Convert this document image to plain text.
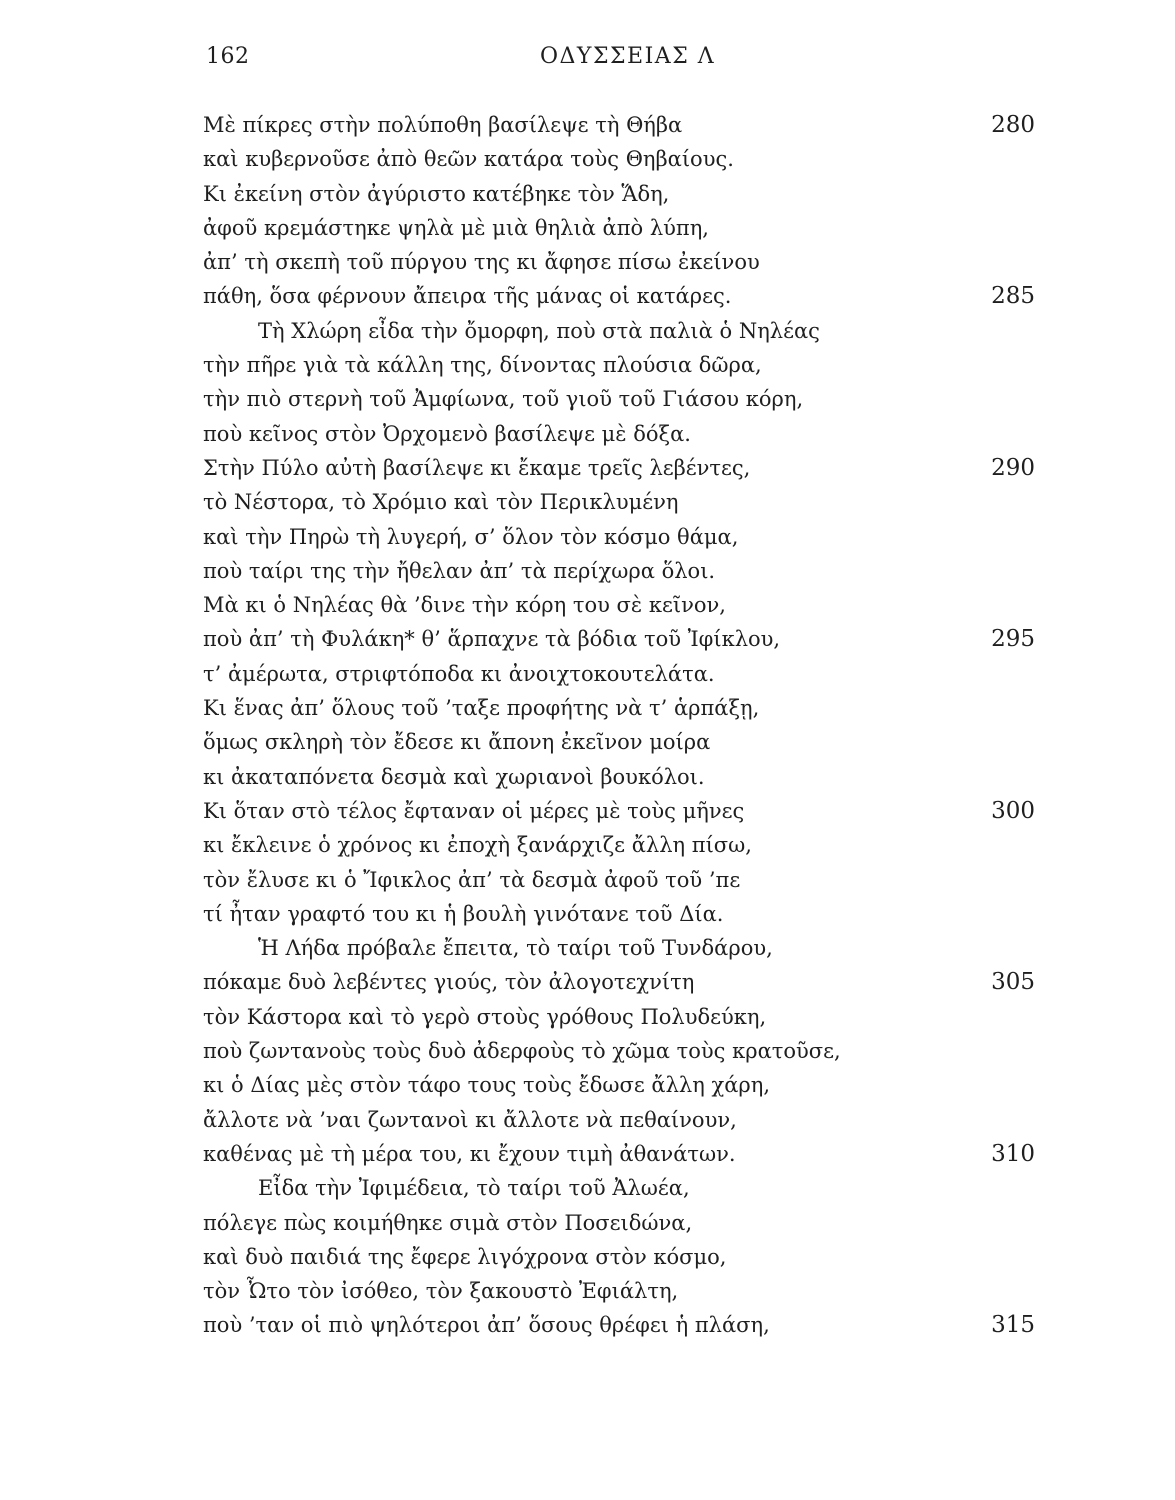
162	ΟΔΥΣΣΕΙΑΣ Λ
Μὲ πίκρες στὴν πολύποθη βασίλεψε τὴ Θήβα	280
καὶ κυβερνοῦσε ἀπὸ θεῶν κατάρα τοὺς Θηβαίους.
Κι ἐκείνη στὸν ἀγύριστο κατέβηκε τὸν Ἅδη,
ἀφοῦ κρεμάστηκε ψηλὰ μὲ μιὰ θηλιὰ ἀπὸ λύπη,
ἀπ’ τὴ σκεπὴ τοῦ πύργου της κι ἄφησε πίσω ἐκείνου
πάθη, ὅσα φέρνουν ἄπειρα τῆς μάνας οἱ κατάρες.	285
Τὴ Χλώρη εἶδα τὴν ὄμορφη, ποὺ στὰ παλιὰ ὁ Νηλέας
τὴν πῆρε γιὰ τὰ κάλλη της, δίνοντας πλούσια δῶρα,
τὴν πιὸ στερνὴ τοῦ Ἀμφίωνα, τοῦ γιοῦ τοῦ Γιάσου κόρη,
ποὺ κεῖνος στὸν Ὀρχομενὸ βασίλεψε μὲ δόξα.
Στὴν Πύλο αὐτὴ βασίλεψε κι ἔκαμε τρεῖς λεβέντες,	290
τὸ Νέστορα, τὸ Χρόμιο καὶ τὸν Περικλυμένη
καὶ τὴν Πηρὼ τὴ λυγερή, σ’ ὅλον τὸν κόσμο θάμα,
ποὺ ταίρι της τὴν ἤθελαν ἀπ’ τὰ περίχωρα ὅλοι.
Μὰ κι ὁ Νηλέας θὰ ’δινε τὴν κόρη του σὲ κεῖνον,
ποὺ ἀπ’ τὴ Φυλάκη* θ’ ἅρπαχνε τὰ βόδια τοῦ Ἰφίκλου,	295
τ’ ἀμέρωτα, στριφτόποδα κι ἀνοιχτοκουτελάτα.
Κι ἕνας ἀπ’ ὅλους τοῦ ’ταξε προφήτης νὰ τ’ ἁρπάξῃ,
ὅμως σκληρὴ τὸν ἔδεσε κι ἄπονη ἐκεῖνον μοίρα
κι ἀκαταπόνετα δεσμὰ καὶ χωριανοὶ βουκόλοι.
Κι ὅταν στὸ τέλος ἔφταναν οἱ μέρες μὲ τοὺς μῆνες	300
κι ἔκλεινε ὁ χρόνος κι ἐποχὴ ξανάρχιζε ἄλλη πίσω,
τὸν ἔλυσε κι ὁ Ἴφικλος ἀπ’ τὰ δεσμὰ ἀφοῦ τοῦ ’πε
τί ἦταν γραφτό του κι ἡ βουλὴ γινότανε τοῦ Δία.
Ἡ Λήδα πρόβαλε ἔπειτα, τὸ ταίρι τοῦ Τυνδάρου,
πόκαμε δυὸ λεβέντες γιούς, τὸν ἀλογοτεχνίτη	305
τὸν Κάστορα καὶ τὸ γερὸ στοὺς γρόθους Πολυδεύκη,
ποὺ ζωντανοὺς τοὺς δυὸ ἀδερφοὺς τὸ χῶμα τοὺς κρατοῦσε,
κι ὁ Δίας μὲς στὸν τάφο τους τοὺς ἔδωσε ἄλλη χάρη,
ἄλλοτε νὰ ’ναι ζωντανοὶ κι ἄλλοτε νὰ πεθαίνουν,
καθένας μὲ τὴ μέρα του, κι ἔχουν τιμὴ ἀθανάτων.	310
Εἶδα τὴν Ἰφιμέδεια, τὸ ταίρι τοῦ Ἀλωέα,
πόλεγε πὼς κοιμήθηκε σιμὰ στὸν Ποσειδώνα,
καὶ δυὸ παιδιά της ἔφερε λιγόχρονα στὸν κόσμο,
τὸν Ὦτο τὸν ἰσόθεο, τὸν ξακουστὸ Ἐφιάλτη,
ποὺ ’ταν οἱ πιὸ ψηλότεροι ἀπ’ ὅσους θρέφει ἡ πλάση,	315
